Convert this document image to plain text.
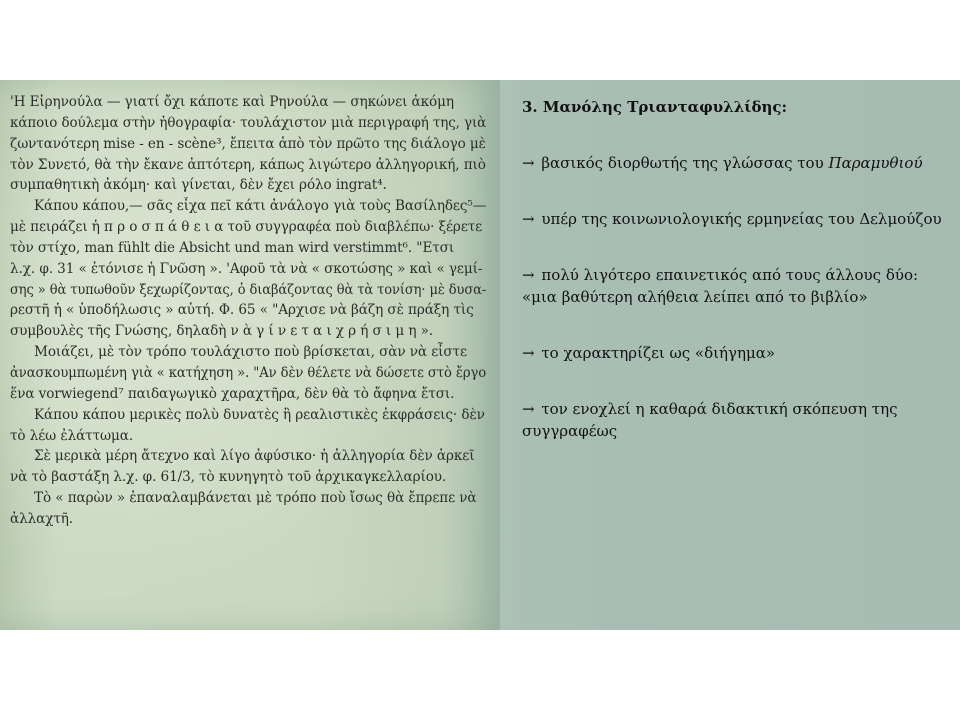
'Η Εἰρηνούλα — γιατί ὄχι κάποτε καὶ Ρηνούλα — σηκώνει ἀκόμη
κάποιο δούλεμα στὴν ἠθογραφία· τουλάχιστον μιὰ περιγραφή της, γιὰ
ζωντανότερη mise - en - scène³, ἔπειτα ἀπὸ τὸν πρῶτο της διάλογο μὲ
τὸν Συνετό, θὰ τὴν ἔκανε ἀπτότερη, κάπως λιγώτερο ἀλληγορική, πιὸ
συμπαθητικὴ ἀκόμη· καὶ γίνεται, δὲν ἔχει ρόλο ingrat⁴.
Κάπου κάπου,— σᾶς εἶχα πεῖ κάτι ἀνάλογο γιὰ τοὺς Βασίληδες⁵—
μὲ πειράζει ἡ π ρ ο σ π ά θ ε ι α τοῦ συγγραφέα ποὺ διαβλέπω· ξέρετε
τὸν στίχο, man fühlt die Absicht und man wird verstimmt⁶. "Ετσι
λ.χ. φ. 31 « ἐτόνισε ἡ Γνῶση ». 'Αφοῦ τὰ νὰ « σκοτώσης » καὶ « γεμί-
σης » θὰ τυπωθοῦν ξεχωρίζοντας, ὁ διαβάζοντας θὰ τὰ τονίση· μὲ δυσα-
ρεστῆ ἡ « ὑποδήλωσις » αὐτή. Φ. 65 « "Αρχισε νὰ βάζη σὲ πράξη τὶς
συμβουλὲς τῆς Γνώσης, δηλαδὴ ν ὰ γ ί ν ε τ α ι χ ρ ή σ ι μ η ».
Μοιάζει, μὲ τὸν τρόπο τουλάχιστο ποὺ βρίσκεται, σὰν νὰ εἶστε
ἀνασκουμπωμένη γιὰ « κατήχηση ». "Αν δὲν θέλετε νὰ δώσετε στὸ ἔργο
ἕνα vorwiegend⁷ παιδαγωγικὸ χαραχτῆρα, δὲν θὰ τὸ ἄφηνα ἔτσι.
Κάπου κάπου μερικὲς πολὺ δυνατὲς ἢ ρεαλιστικὲς ἐκφράσεις· δὲν
τὸ λέω ἐλάττωμα.
Σὲ μερικὰ μέρη ἄτεχνο καὶ λίγο ἀφύσικο· ἡ ἀλληγορία δὲν ἀρκεῖ
νὰ τὸ βαστάξη λ.χ. φ. 61/3, τὸ κυνηγητὸ τοῦ ἀρχικαγκελλαρίου.
Τὸ « παρὼν » ἐπαναλαμβάνεται μὲ τρόπο ποὺ ἴσως θὰ ἔπρεπε νὰ
ἀλλαχτῆ.
3. Μανόλης Τριανταφυλλίδης:
→ βασικός διορθωτής της γλώσσας του Παραμυθιού
→ υπέρ της κοινωνιολογικής ερμηνείας του Δελμούζου
→ πολύ λιγότερο επαινετικός από τους άλλους δύο: «μια βαθύτερη αλήθεια λείπει από το βιβλίο»
→ το χαρακτηρίζει ως «διήγημα»
→ τον ενοχλεί η καθαρά διδακτική σκόπευση της συγγραφέως
